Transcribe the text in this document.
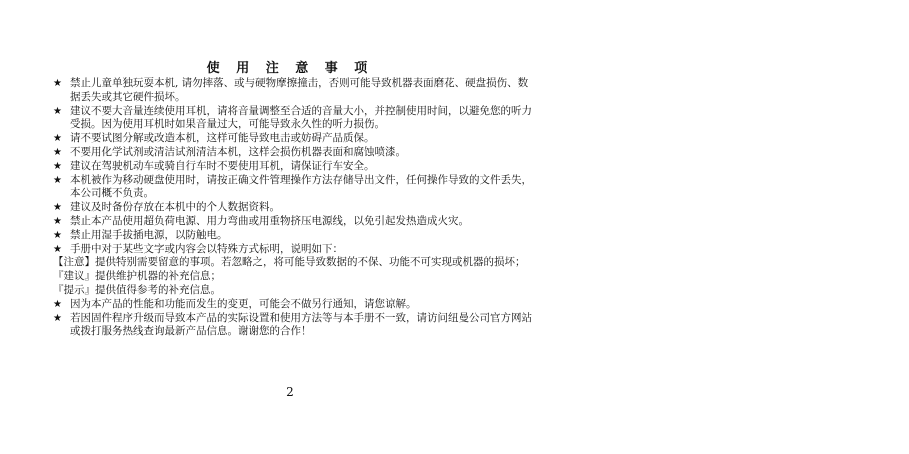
使 用 注 意 事 项
★ 禁止儿童单独玩耍本机, 请勿摔落、或与硬物摩擦撞击，否则可能导致机器表面磨花、硬盘损伤、数据丢失或其它硬件损坏。
★ 建议不要大音量连续使用耳机，请将音量调整至合适的音量大小，并控制使用时间，以避免您的听力受损。因为使用耳机时如果音量过大，可能导致永久性的听力损伤。
★ 请不要试图分解或改造本机，这样可能导致电击或妨碍产品质保。
★ 不要用化学试剂或清洁试剂清洁本机，这样会损伤机器表面和腐蚀喷漆。
★ 建议在驾驶机动车或骑自行车时不要使用耳机，请保证行车安全。
★ 本机被作为移动硬盘使用时，请按正确文件管理操作方法存储导出文件，任何操作导致的文件丢失，本公司概不负责。
★ 建议及时备份存放在本机中的个人数据资料。
★ 禁止本产品使用超负荷电源、用力弯曲或用重物挤压电源线，以免引起发热造成火灾。
★ 禁止用湿手拔插电源，以防触电。
★ 手册中对于某些文字或内容会以特殊方式标明，说明如下：
【注意】 提供特别需要留意的事项。若忽略之，将可能导致数据的不保、功能不可实现或机器的损坏；
『建议』 提供维护机器的补充信息；
『提示』 提供值得参考的补充信息。
★ 因为本产品的性能和功能而发生的变更，可能会不做另行通知，请您谅解。
★ 若因固件程序升级而导致本产品的实际设置和使用方法等与本手册不一致，请访问纽曼公司官方网站或拨打服务热线查询最新产品信息。谢谢您的合作！
2
